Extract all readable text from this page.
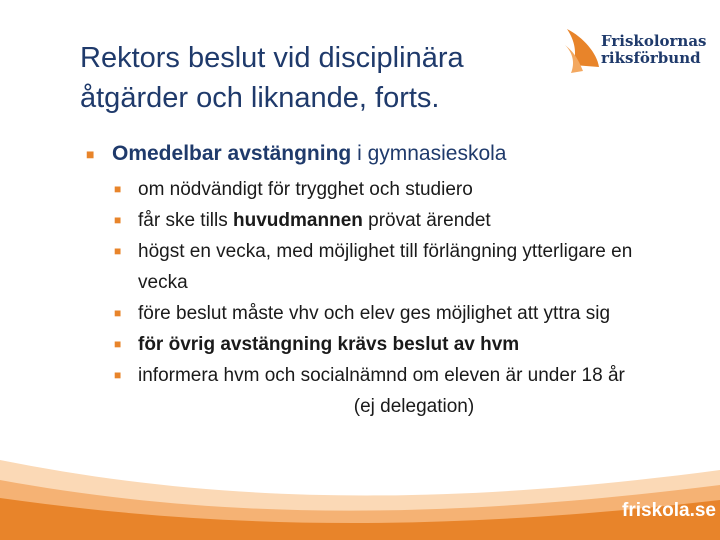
Rektors beslut vid disciplinära åtgärder och liknande, forts.
Friskolornas
riksförbund
■ Omedelbar avstängning i gymnasieskola
■ om nödvändigt för trygghet och studiero
■ får ske tills huvudmannen prövat ärendet
■ högst en vecka, med möjlighet till förlängning ytterligare en vecka
■ före beslut måste vhv och elev ges möjlighet att yttra sig
■ för övrig avstängning krävs beslut av hvm
■ informera hvm och socialnämnd om eleven är under 18 år
(ej delegation)
friskola.se
